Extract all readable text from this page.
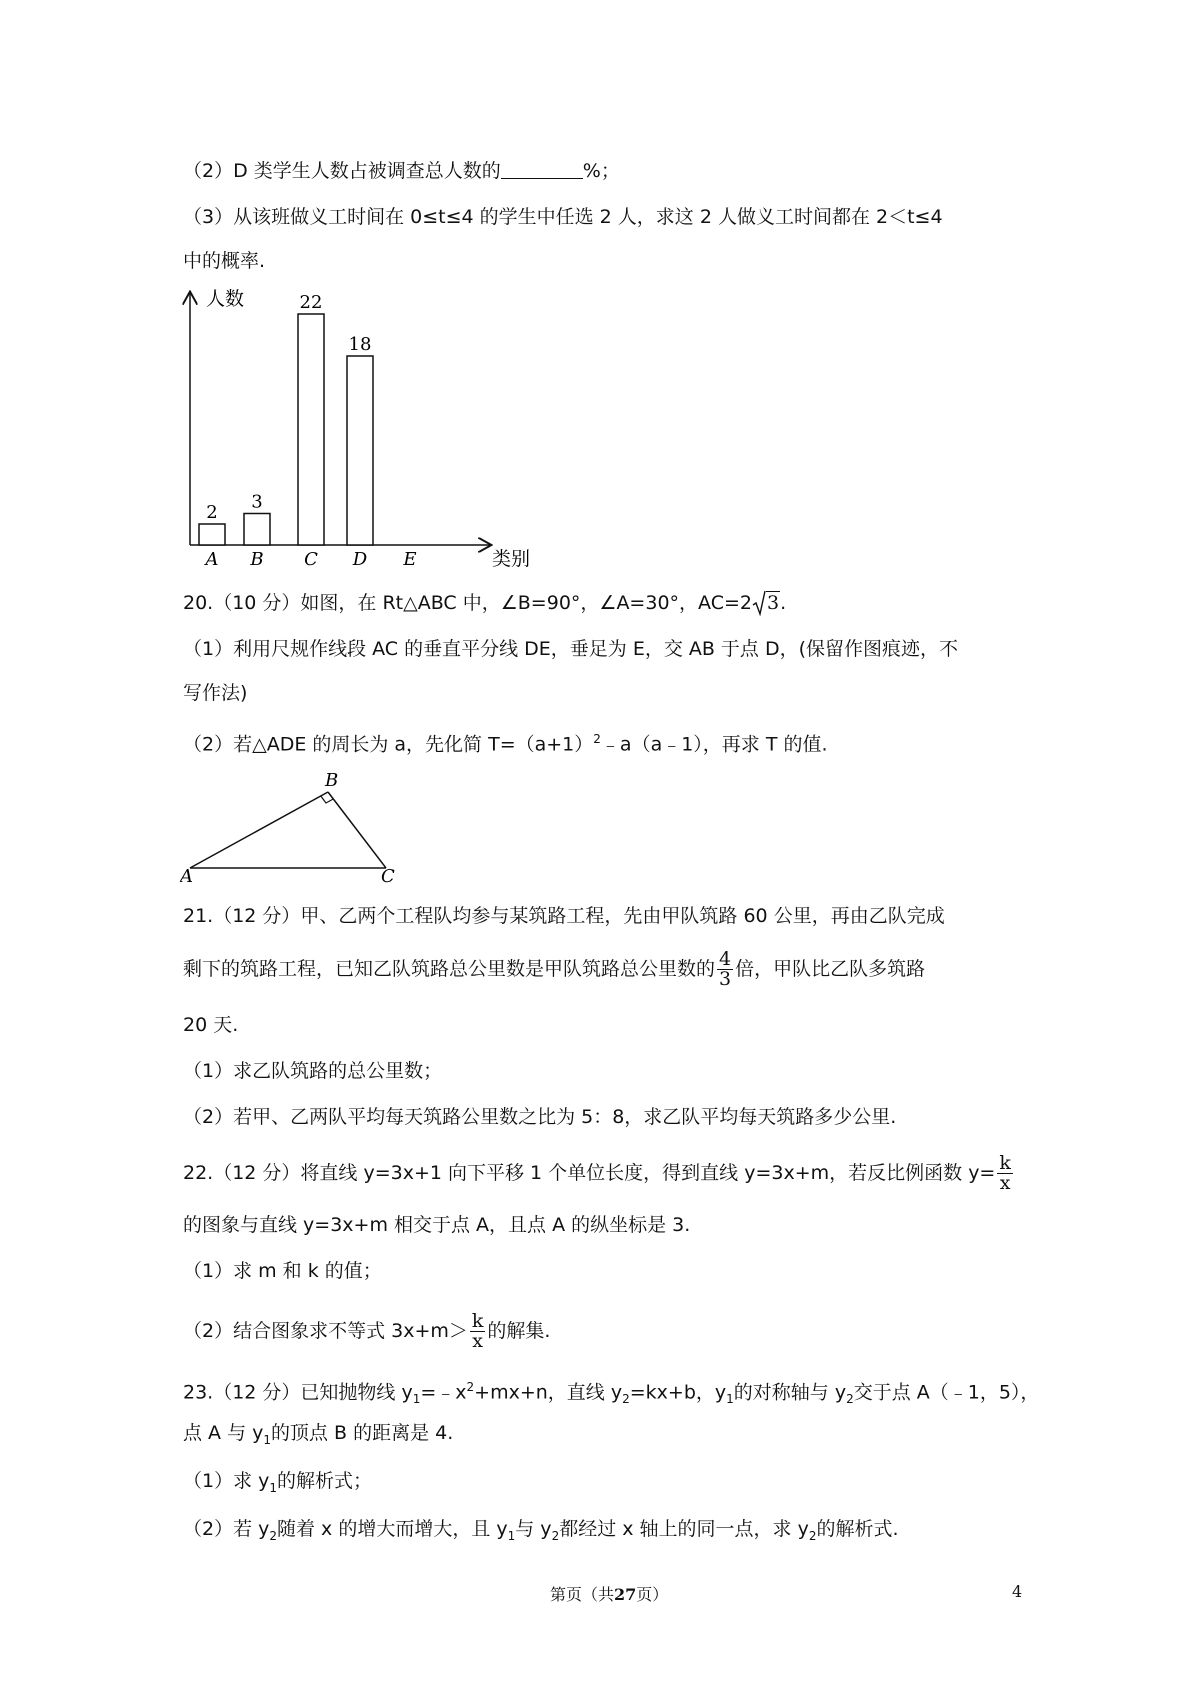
（2）D 类学生人数占被调查总人数的	%；
（3）从该班做义工时间在 0≤t≤4 的学生中任选 2 人，求这 2 人做义工时间都在 2＜t≤4
中的概率.
人数
类别
2
A
3
B
22
C
18
D E
20.（10 分）如图，在 Rt△ABC 中，∠B=90°，∠A=30°，AC=2 3.
（1）利用尺规作线段 AC 的垂直平分线 DE，垂足为 E，交 AB 于点 D，(保留作图痕迹，不
写作法)
（2）若△ADE 的周长为 a，先化简 $T=(a+1)^2﹣a(a﹣1)$，再求 T 的值.
A
B
C
21.（12 分）甲、乙两个工程队均参与某筑路工程，先由甲队筑路 60 公里，再由乙队完成
剩下的筑路工程，已知乙队筑路总公里数是甲队筑路总公里数的 $\frac{4}{3}$ 倍，甲队比乙队多筑路
20 天.
（1）求乙队筑路的总公里数；
（2）若甲、乙两队平均每天筑路公里数之比为 5：8，求乙队平均每天筑路多少公里.
22.（12 分）将直线 y=3x+1 向下平移 1 个单位长度，得到直线 y=3x+m，若反比例函数 $y= \frac{k}{x}$
的图象与直线 y=3x+m 相交于点 A，且点 A 的纵坐标是 3.
（1）求 m 和 k 的值；
（2）结合图象求不等式 $3x+m> \frac{k}{x}$ 的解集.
23.（12 分）已知抛物线 $y_1=﹣x^2+mx+n$，直线 $y_2=kx+b$，$y_1$的对称轴与 $y_2$交于点 A（﹣1，5），
点 A 与 $y_1$的顶点 B 的距离是 4.
（1）求 $y_1$的解析式；
（2）若 $y_2$随着 x 的增大而增大，且 $y_1$与 $y_2$都经过 x 轴上的同一点，求 $y_2$的解析式.
第页（共27页）	4
